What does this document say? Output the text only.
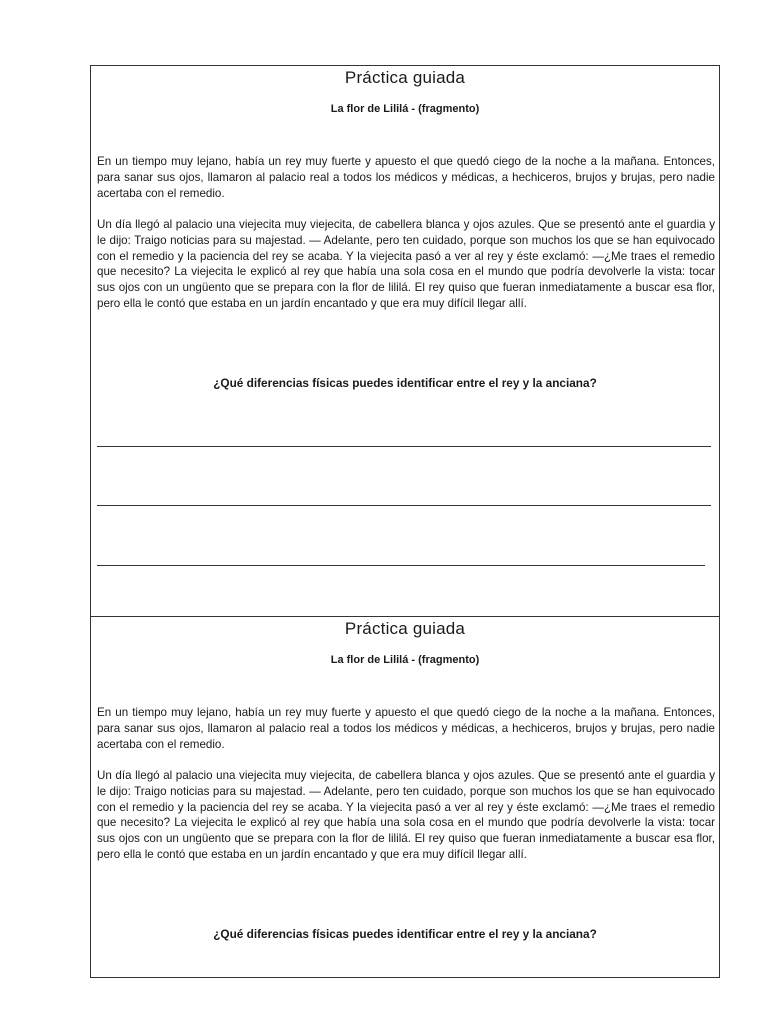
Práctica guiada
La flor de Lililá - (fragmento)

En un tiempo muy lejano, había un rey muy fuerte y apuesto el que quedó ciego de la noche a la mañana. Entonces, para sanar sus ojos, llamaron al palacio real a todos los médicos y médicas, a hechiceros, brujos y brujas, pero nadie acertaba con el remedio.

Un día llegó al palacio una viejecita muy viejecita, de cabellera blanca y ojos azules. Que se presentó ante el guardia y le dijo: Traigo noticias para su majestad. — Adelante, pero ten cuidado, porque son muchos los que se han equivocado con el remedio y la paciencia del rey se acaba. Y la viejecita pasó a ver al rey y éste exclamó: —¿Me traes el remedio que necesito? La viejecita le explicó al rey que había una sola cosa en el mundo que podría devolverle la vista: tocar sus ojos con un ungüento que se prepara con la flor de lililá. El rey quiso que fueran inmediatamente a buscar esa flor, pero ella le contó que estaba en un jardín encantado y que era muy difícil llegar allí.

¿Qué diferencias físicas puedes identificar entre el rey y la anciana?
Práctica guiada
La flor de Lililá - (fragmento)

En un tiempo muy lejano, había un rey muy fuerte y apuesto el que quedó ciego de la noche a la mañana. Entonces, para sanar sus ojos, llamaron al palacio real a todos los médicos y médicas, a hechiceros, brujos y brujas, pero nadie acertaba con el remedio.

Un día llegó al palacio una viejecita muy viejecita, de cabellera blanca y ojos azules. Que se presentó ante el guardia y le dijo: Traigo noticias para su majestad. — Adelante, pero ten cuidado, porque son muchos los que se han equivocado con el remedio y la paciencia del rey se acaba. Y la viejecita pasó a ver al rey y éste exclamó: —¿Me traes el remedio que necesito? La viejecita le explicó al rey que había una sola cosa en el mundo que podría devolverle la vista: tocar sus ojos con un ungüento que se prepara con la flor de lililá. El rey quiso que fueran inmediatamente a buscar esa flor, pero ella le contó que estaba en un jardín encantado y que era muy difícil llegar allí.

¿Qué diferencias físicas puedes identificar entre el rey y la anciana?
